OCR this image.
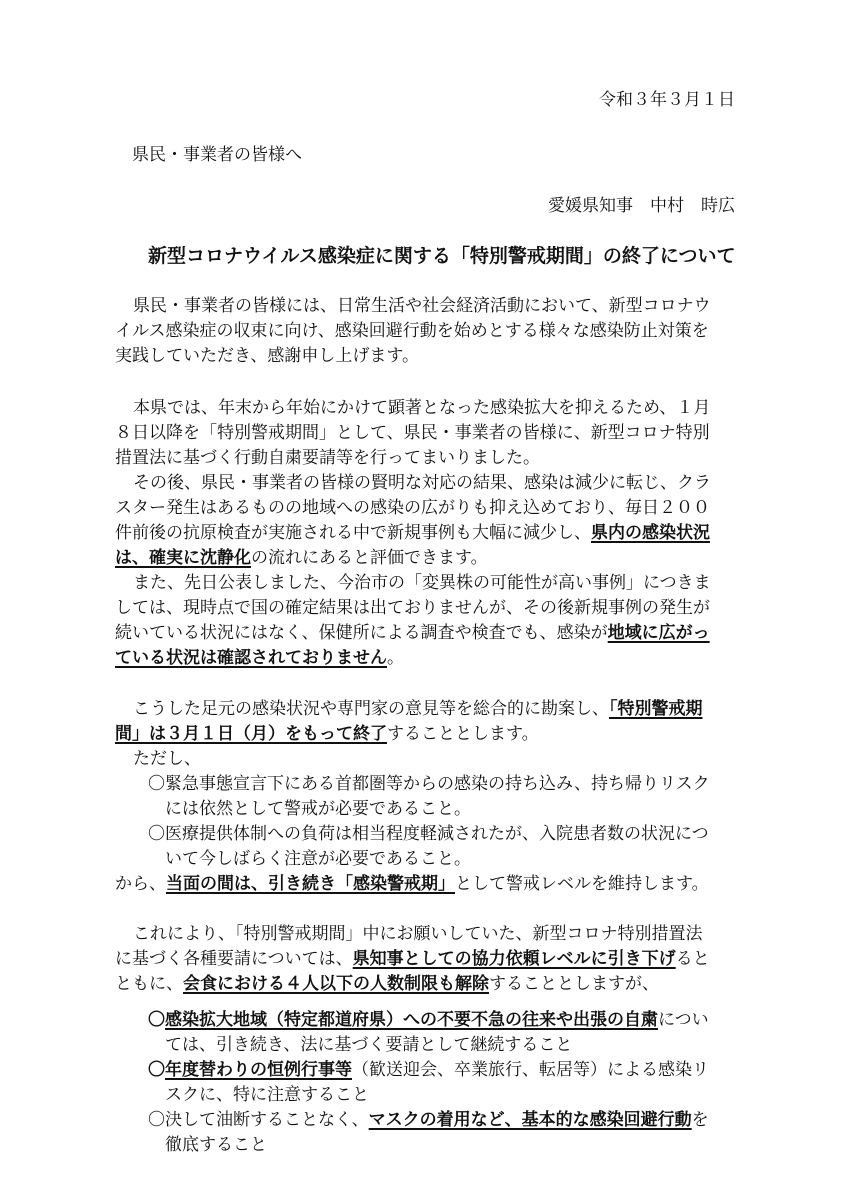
令和３年３月１日
県民・事業者の皆様へ
愛媛県知事　中村　時広
新型コロナウイルス感染症に関する「特別警戒期間」の終了について
県民・事業者の皆様には、日常生活や社会経済活動において、新型コロナウ
イルス感染症の収束に向け、感染回避行動を始めとする様々な感染防止対策を
実践していただき、感謝申し上げます。
本県では、年末から年始にかけて顕著となった感染拡大を抑えるため、１月
８日以降を「特別警戒期間」として、県民・事業者の皆様に、新型コロナ特別
措置法に基づく行動自粛要請等を行ってまいりました。
その後、県民・事業者の皆様の賢明な対応の結果、感染は減少に転じ、クラ
スター発生はあるものの地域への感染の広がりも抑え込めており、毎日２００
件前後の抗原検査が実施される中で新規事例も大幅に減少し、県内の感染状況
は、確実に沈静化の流れにあると評価できます。
また、先日公表しました、今治市の「変異株の可能性が高い事例」につきま
しては、現時点で国の確定結果は出ておりませんが、その後新規事例の発生が
続いている状況にはなく、保健所による調査や検査でも、感染が地域に広がっ
ている状況は確認されておりません。
こうした足元の感染状況や専門家の意見等を総合的に勘案し、「特別警戒期
間」は３月１日（月）をもって終了することとします。
ただし、
〇緊急事態宣言下にある首都圏等からの感染の持ち込み、持ち帰りリスク
には依然として警戒が必要であること。
〇医療提供体制への負荷は相当程度軽減されたが、入院患者数の状況につ
いて今しばらく注意が必要であること。
から、当面の間は、引き続き「感染警戒期」として警戒レベルを維持します。
これにより、「特別警戒期間」中にお願いしていた、新型コロナ特別措置法
に基づく各種要請については、県知事としての協力依頼レベルに引き下げると
ともに、会食における４人以下の人数制限も解除することとしますが、
〇感染拡大地域（特定都道府県）への不要不急の往来や出張の自粛につい
ては、引き続き、法に基づく要請として継続すること
〇年度替わりの恒例行事等（歓送迎会、卒業旅行、転居等）による感染リ
スクに、特に注意すること
〇決して油断することなく、マスクの着用など、基本的な感染回避行動を
徹底すること
